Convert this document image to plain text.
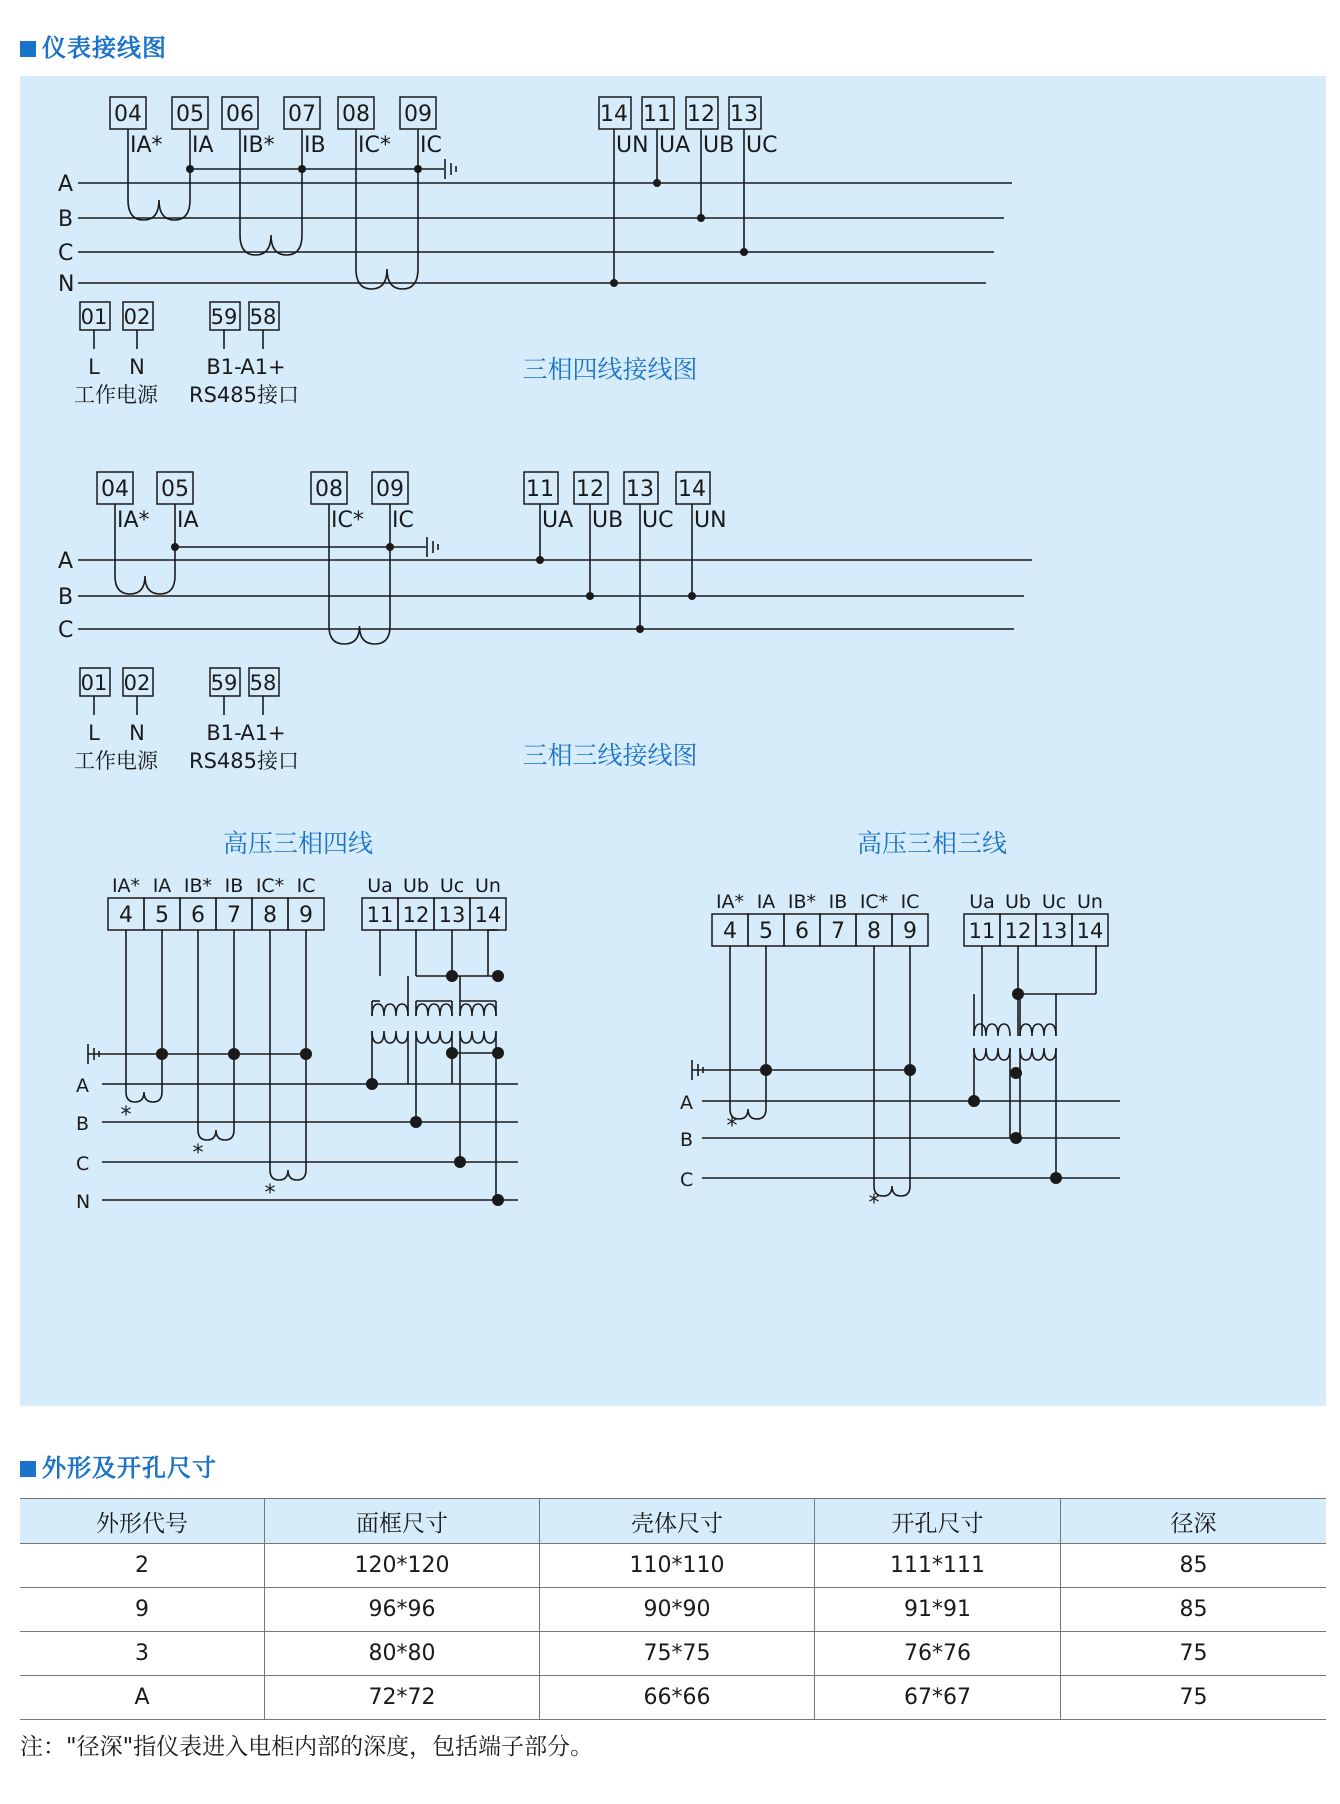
仪表接线图
04
IA*
05
IA
06
IB*
07
IB
08
IC*
09
IC
14
UN
11
UA
12
UB
13
UC
A
B
C
N
01
L
02
N
工作电源
59
B1-
58
A1+
RS485接口
三相四线接线图
04
IA*
05
IA
08
IC*
09
IC
11
UA
12
UB
13
UC
14
UN
A
B
C
01
L
02
N
工作电源
59
B1-
58
A1+
RS485接口	三相三线接线图
高压三相四线
4
IA*
5
IA
6
IB*
7
IB
8
IC*
9
IC
11
Ua
12
Ub
13
Uc
14
Un
A
B
C
N
*
*
*
高压三相三线
4
IA*
5
IA
6
IB*
7
IB
8
IC*
9
IC
11
Ua
12
Ub
13
Uc
14
Un
A
B
C
*
*
外形及开孔尺寸
外形代号	面框尺寸	壳体尺寸	开孔尺寸	径深
2	120*120	110*110	111*111	85
9	96*96	90*90	91*91	85
3	80*80	75*75	76*76	75
A	72*72	66*66	67*67	75
注："径深"指仪表进入电柜内部的深度，包括端子部分。
